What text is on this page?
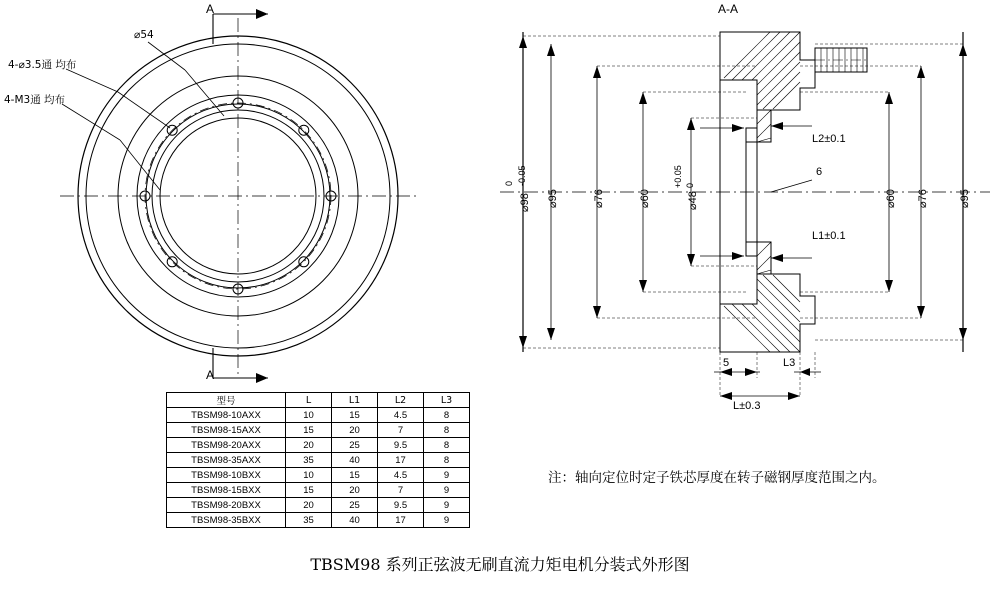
A
A
⌀54
4-⌀3.5通 均布
4-M3通 均布
A-A
⌀98
0 -0.05
⌀95	⌀76	⌀60	⌀48
+0.05 0
⌀60 ⌀76	⌀95
L2±0.1
6
L1±0.1
5	L3
L±0.3
型号	L	L1	L2	L3
TBSM98-10AXX	10	15	4.5	8
TBSM98-15AXX	15	20	7	8
TBSM98-20AXX	20	25	9.5	8
TBSM98-35AXX	35	40	17	8
TBSM98-10BXX	10	15	4.5	9
TBSM98-15BXX	15	20	7	9
TBSM98-20BXX	20	25	9.5	9
TBSM98-35BXX	35	40	17	9
注：轴向定位时定子铁芯厚度在转子磁钢厚度范围之内。
TBSM98 系列正弦波无刷直流力矩电机分装式外形图
